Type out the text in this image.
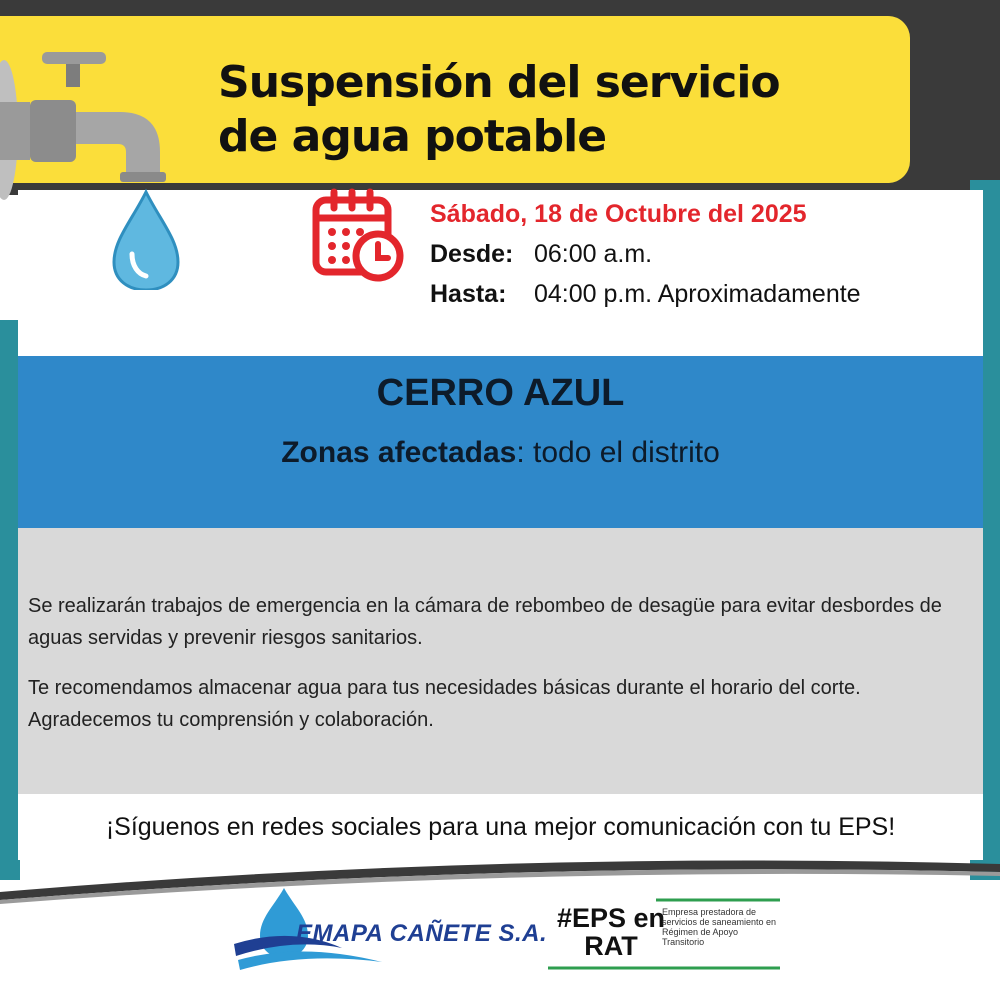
Suspensión del servicio
de agua potable
Sábado, 18 de Octubre del 2025
Desde: 06:00 a.m.
Hasta: 04:00 p.m. Aproximadamente
CERRO AZUL
Zonas afectadas: todo el distrito
Se realizarán trabajos de emergencia en la cámara de rebombeo de desagüe para evitar desbordes de aguas servidas y prevenir riesgos sanitarios.
Te recomendamos almacenar agua para tus necesidades básicas durante el horario del corte. Agradecemos tu comprensión y colaboración.
¡Síguenos en redes sociales para una mejor comunicación con tu EPS!
EMAPA CAÑETE S.A.
#EPS en RAT
Empresa prestadora de servicios de saneamiento en Régimen de Apoyo Transitorio
